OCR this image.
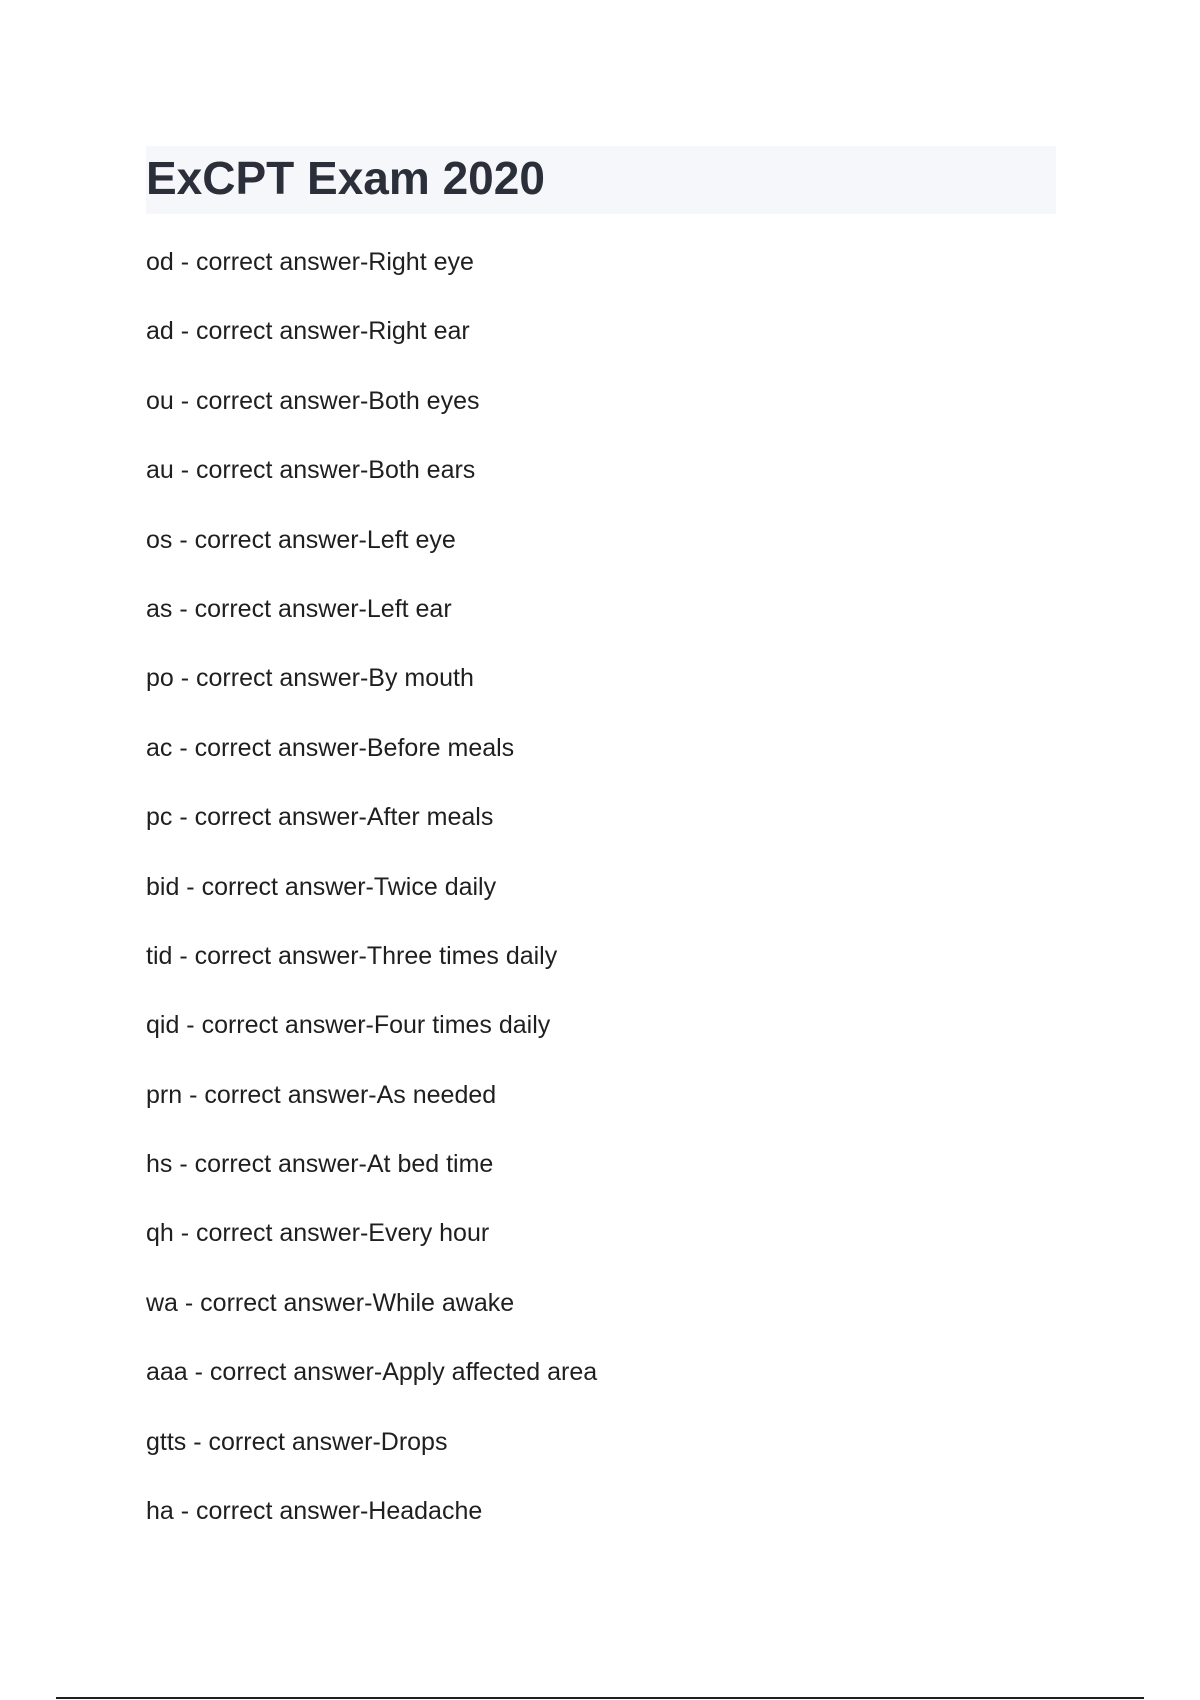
ExCPT Exam 2020
od - correct answer-Right eye
ad - correct answer-Right ear
ou - correct answer-Both eyes
au - correct answer-Both ears
os - correct answer-Left eye
as - correct answer-Left ear
po - correct answer-By mouth
ac - correct answer-Before meals
pc - correct answer-After meals
bid - correct answer-Twice daily
tid - correct answer-Three times daily
qid - correct answer-Four times daily
prn - correct answer-As needed
hs - correct answer-At bed time
qh - correct answer-Every hour
wa - correct answer-While awake
aaa - correct answer-Apply affected area
gtts - correct answer-Drops
ha - correct answer-Headache
